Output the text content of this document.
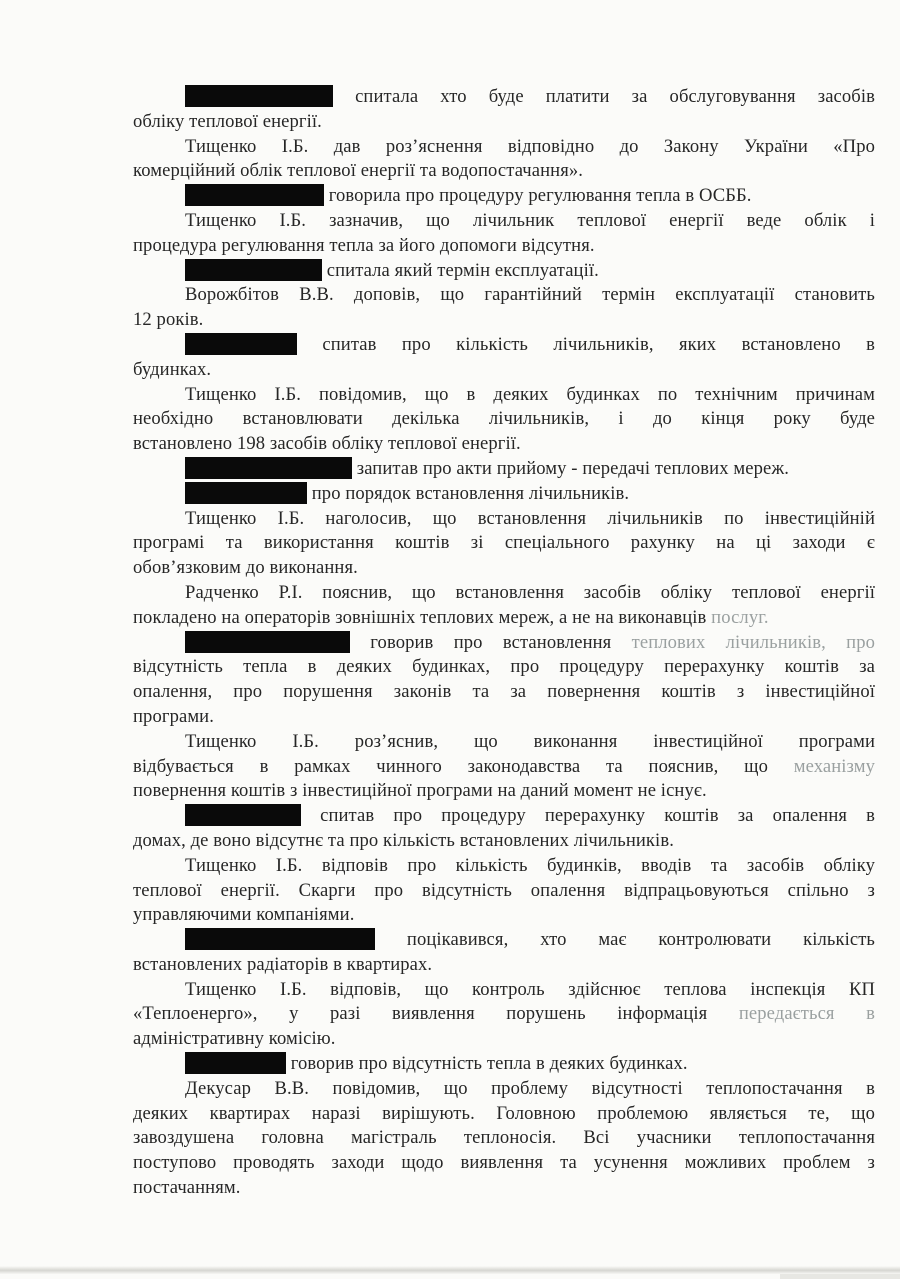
спитала хто буде платити за обслуговування засобів
обліку теплової енергії.
Тищенко І.Б. дав роз’яснення відповідно до Закону України «Про
комерційний облік теплової енергії та водопостачання».
говорила про процедуру регулювання тепла в ОСББ.
Тищенко І.Б. зазначив, що лічильник теплової енергії веде облік і
процедура регулювання тепла за його допомоги відсутня.
спитала який термін експлуатації.
Ворожбітов В.В. доповів, що гарантійний термін експлуатації становить
12 років.
спитав про кількість лічильників, яких встановлено в
будинках.
Тищенко І.Б. повідомив, що в деяких будинках по технічним причинам
необхідно встановлювати декілька лічильників, і до кінця року буде
встановлено 198 засобів обліку теплової енергії.
запитав про акти прийому - передачі теплових мереж.
про порядок встановлення лічильників.
Тищенко І.Б. наголосив, що встановлення лічильників по інвестиційній
програмі та використання коштів зі спеціального рахунку на ці заходи є
обов’язковим до виконання.
Радченко Р.І. пояснив, що встановлення засобів обліку теплової енергії
покладено на операторів зовнішніх теплових мереж, а не на виконавців послуг.
говорив про встановлення теплових лічильників, про
відсутність тепла в деяких будинках, про процедуру перерахунку коштів за
опалення, про порушення законів та за повернення коштів з інвестиційної
програми.
Тищенко І.Б. роз’яснив, що виконання інвестиційної програми
відбувається в рамках чинного законодавства та пояснив, що механізму
повернення коштів з інвестиційної програми на даний момент не існує.
спитав про процедуру перерахунку коштів за опалення в
домах, де воно відсутнє та про кількість встановлених лічильників.
Тищенко І.Б. відповів про кількість будинків, вводів та засобів обліку
теплової енергії. Скарги про відсутність опалення відпрацьовуються спільно з
управляючими компаніями.
поцікавився, хто має контролювати кількість
встановлених радіаторів в квартирах.
Тищенко І.Б. відповів, що контроль здійснює теплова інспекція КП
«Теплоенерго», у разі виявлення порушень інформація передається в
адміністративну комісію.
говорив про відсутність тепла в деяких будинках.
Декусар В.В. повідомив, що проблему відсутності теплопостачання в
деяких квартирах наразі вирішують. Головною проблемою являється те, що
завоздушена головна магістраль теплоносія. Всі учасники теплопостачання
поступово проводять заходи щодо виявлення та усунення можливих проблем з
постачанням.
